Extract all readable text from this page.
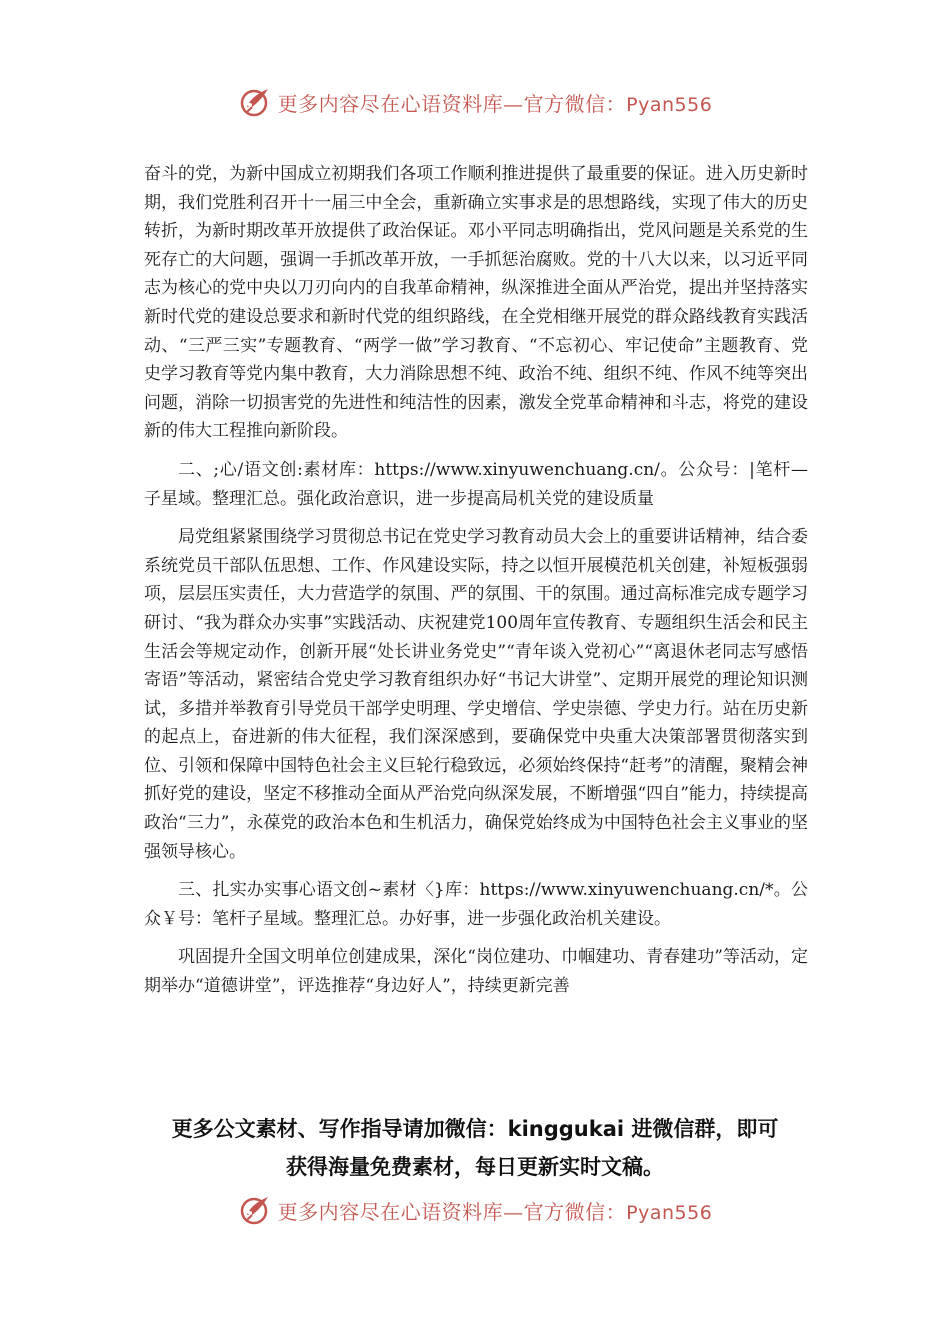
更多内容尽在心语资料库—官方微信：Pyan556

奋斗的党，为新中国成立初期我们各项工作顺利推进提供了最重要的保证。进入历史新时期，我们党胜利召开十一届三中全会，重新确立实事求是的思想路线，实现了伟大的历史转折，为新时期改革开放提供了政治保证。邓小平同志明确指出，党风问题是关系党的生死存亡的大问题，强调一手抓改革开放，一手抓惩治腐败。党的十八大以来，以习近平同志为核心的党中央以刀刃向内的自我革命精神，纵深推进全面从严治党，提出并坚持落实新时代党的建设总要求和新时代党的组织路线，在全党相继开展党的群众路线教育实践活动、“三严三实”专题教育、“两学一做”学习教育、“不忘初心、牢记使命”主题教育、党史学习教育等党内集中教育，大力消除思想不纯、政治不纯、组织不纯、作风不纯等突出问题，消除一切损害党的先进性和纯洁性的因素，激发全党革命精神和斗志，将党的建设新的伟大工程推向新阶段。

二、;心/语文创:素材库：https://www.xinyuwenchuang.cn/。公众号：|笔杆—子星域。整理汇总。强化政治意识，进一步提高局机关党的建设质量

局党组紧紧围绕学习贯彻总书记在党史学习教育动员大会上的重要讲话精神，结合委系统党员干部队伍思想、工作、作风建设实际，持之以恒开展模范机关创建，补短板强弱项，层层压实责任，大力营造学的氛围、严的氛围、干的氛围。通过高标准完成专题学习研讨、“我为群众办实事”实践活动、庆祝建党100周年宣传教育、专题组织生活会和民主生活会等规定动作，创新开展“处长讲业务党史”“青年谈入党初心”“离退休老同志写感悟寄语”等活动，紧密结合党史学习教育组织办好“书记大讲堂”、定期开展党的理论知识测试，多措并举教育引导党员干部学史明理、学史增信、学史崇德、学史力行。站在历史新的起点上，奋进新的伟大征程，我们深深感到，要确保党中央重大决策部署贯彻落实到位、引领和保障中国特色社会主义巨轮行稳致远，必须始终保持“赶考”的清醒，聚精会神抓好党的建设，坚定不移推动全面从严治党向纵深发展，不断增强“四自”能力，持续提高政治“三力”，永葆党的政治本色和生机活力，确保党始终成为中国特色社会主义事业的坚强领导核心。

三、扎实办实事心语文创~素材〈}库：https://www.xinyuwenchuang.cn/*。公众￥号：笔杆子星域。整理汇总。办好事，进一步强化政治机关建设。

巩固提升全国文明单位创建成果，深化“岗位建功、巾帼建功、青春建功”等活动，定期举办“道德讲堂”，评选推荐“身边好人”，持续更新完善

更多公文素材、写作指导请加微信：kinggukai 进微信群，即可
获得海量免费素材，每日更新实时文稿。
更多内容尽在心语资料库—官方微信：Pyan556
